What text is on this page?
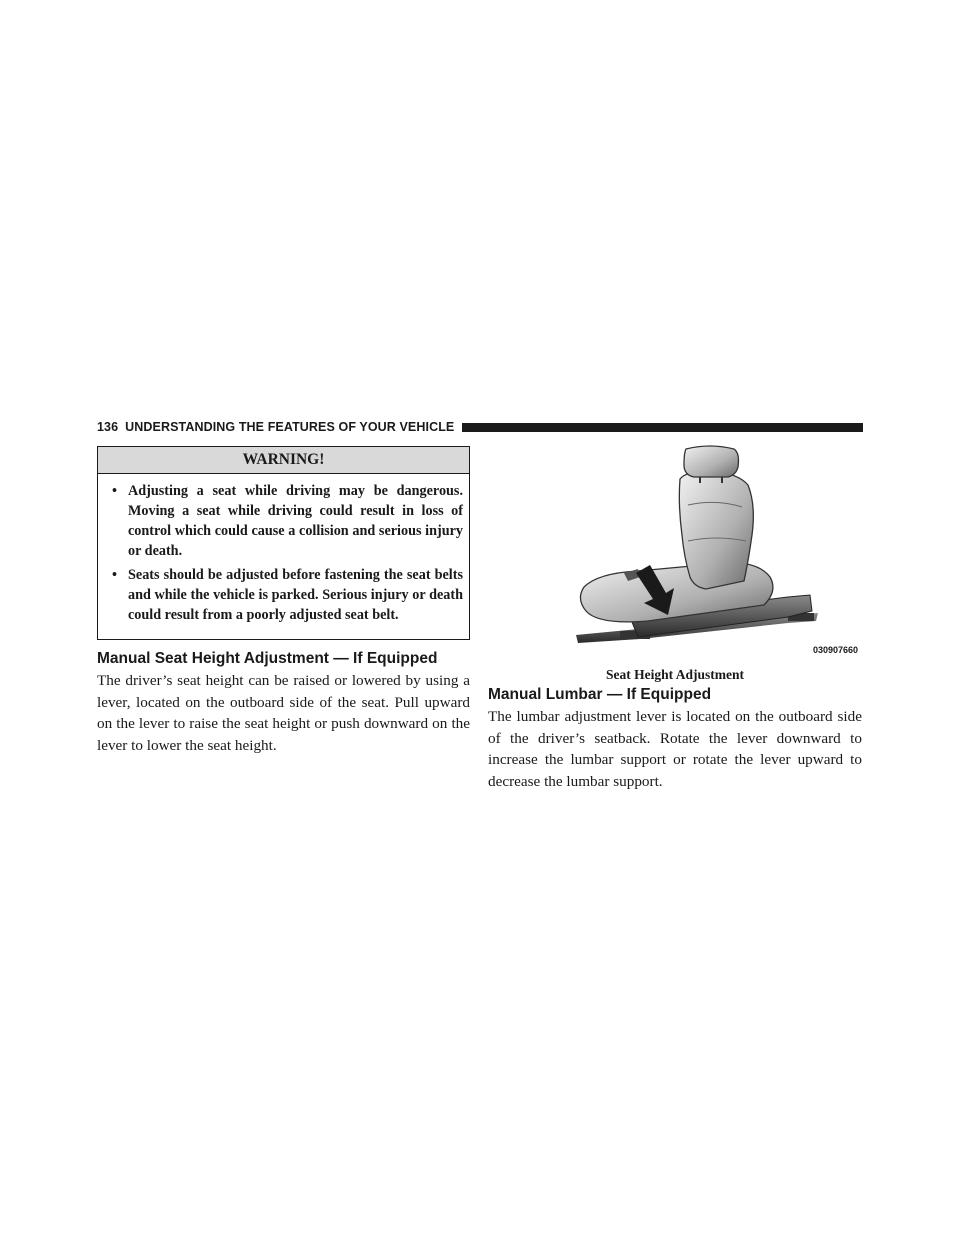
136 UNDERSTANDING THE FEATURES OF YOUR VEHICLE
WARNING!
• Adjusting a seat while driving may be dangerous. Moving a seat while driving could result in loss of control which could cause a collision and serious injury or death.
• Seats should be adjusted before fastening the seat belts and while the vehicle is parked. Serious injury or death could result from a poorly adjusted seat belt.
Manual Seat Height Adjustment — If Equipped
The driver’s seat height can be raised or lowered by using a lever, located on the outboard side of the seat. Pull upward on the lever to raise the seat height or push downward on the lever to lower the seat height.
030907660
Seat Height Adjustment
Manual Lumbar — If Equipped
The lumbar adjustment lever is located on the outboard side of the driver’s seatback. Rotate the lever downward to increase the lumbar support or rotate the lever upward to decrease the lumbar support.
